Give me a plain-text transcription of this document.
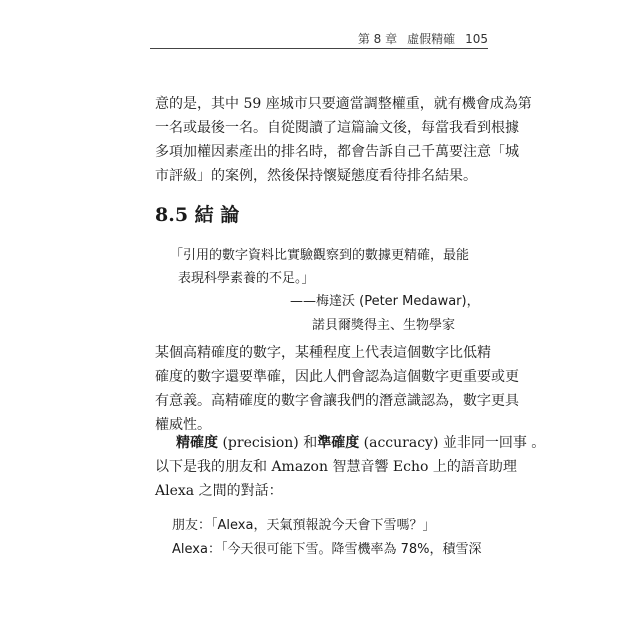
第 8 章 虛假精確 105

意的是，其中 59 座城市只要適當調整權重，就有機會成為第
一名或最後一名。自從閱讀了這篇論文後，每當我看到根據
多項加權因素產出的排名時，都會告訴自己千萬要注意「城
市評級」的案例，然後保持懷疑態度看待排名結果。

8.5 結 論
「引用的數字資料比實驗觀察到的數據更精確，最能
表現科學素養的不足。」
——梅達沃 (Peter Medawar)，
諾貝爾獎得主、生物學家

某個高精確度的數字，某種程度上代表這個數字比低精
確度的數字還要準確，因此人們會認為這個數字更重要或更
有意義。高精確度的數字會讓我們的潛意識認為，數字更具
權威性。

  精確度 (precision) 和準確度 (accuracy) 並非同一回事 。
以下是我的朋友和 Amazon 智慧音響 Echo 上的語音助理
Alexa 之間的對話：

朋友：「Alexa，天氣預報說今天會下雪嗎？」
Alexa：「今天很可能下雪。降雪機率為 78%，積雪深
